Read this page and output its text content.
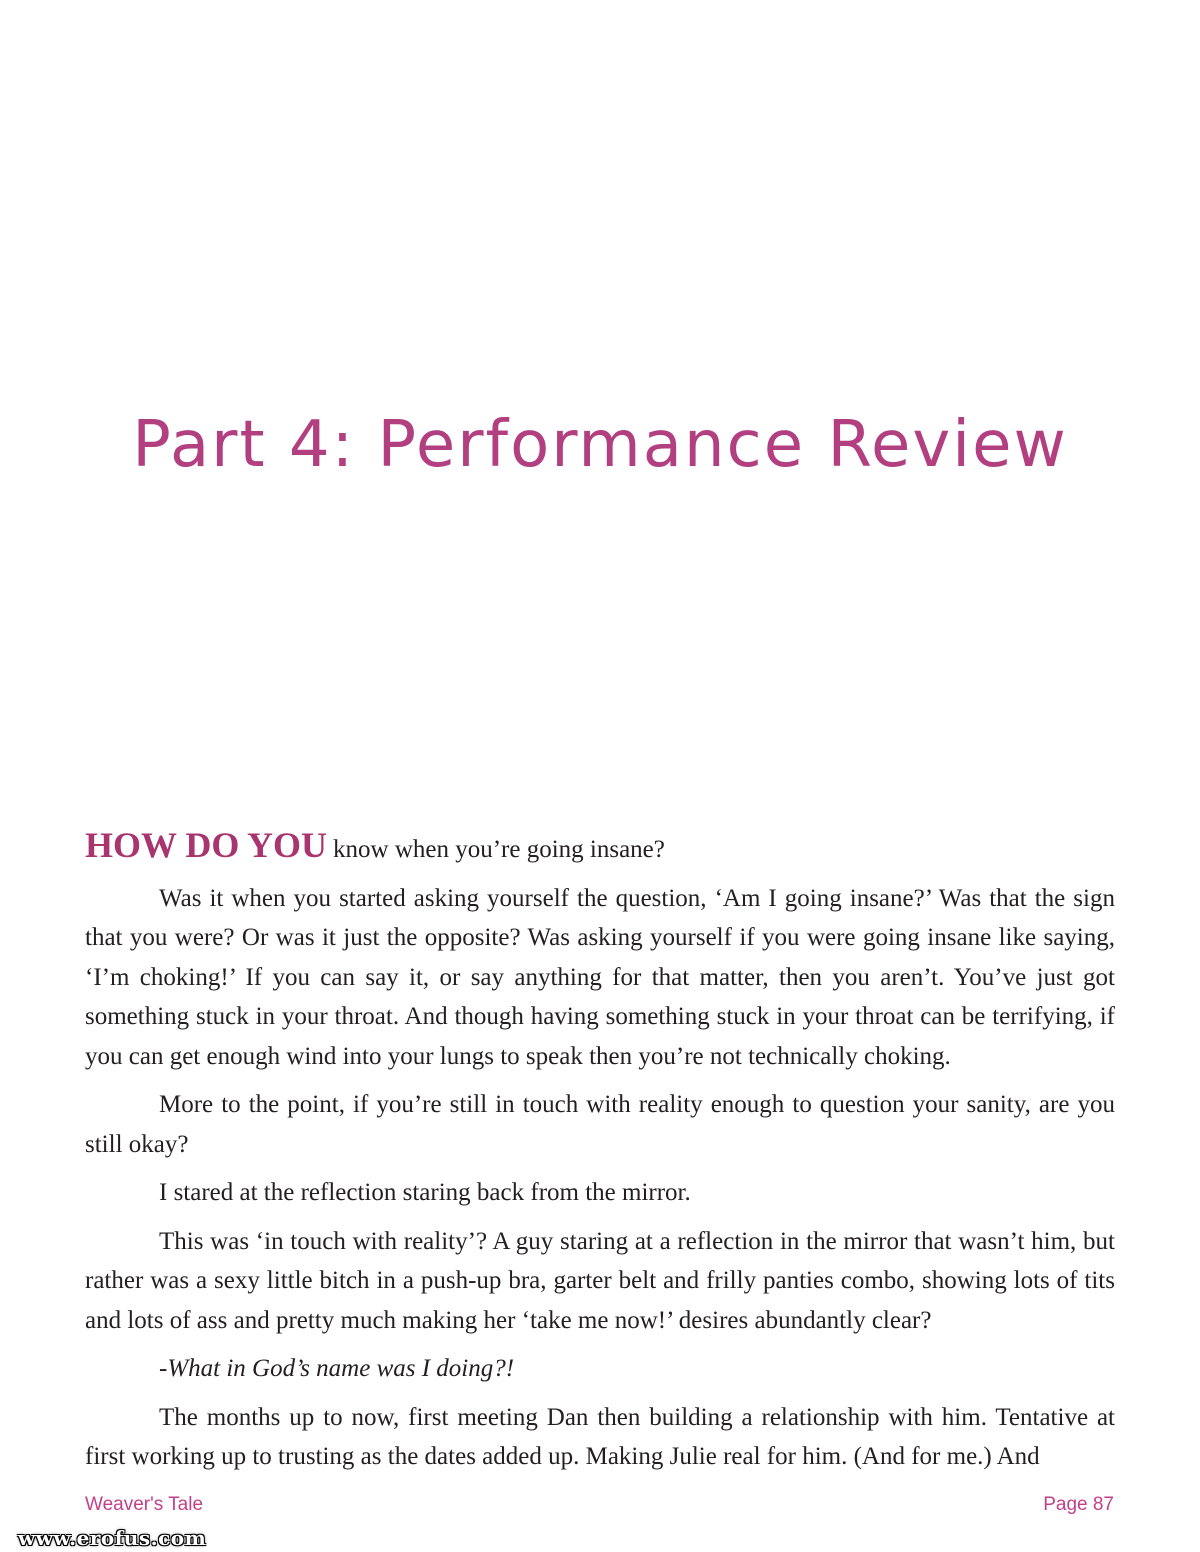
Part 4: Performance Review

HOW DO YOU know when you’re going insane?

Was it when you started asking yourself the question, ‘Am I going insane?’ Was that the sign that you were? Or was it just the opposite? Was asking yourself if you were going insane like saying, ‘I’m choking!’ If you can say it, or say anything for that matter, then you aren’t. You’ve just got something stuck in your throat. And though having something stuck in your throat can be terrifying, if you can get enough wind into your lungs to speak then you’re not technically choking.

More to the point, if you’re still in touch with reality enough to question your sanity, are you still okay?

I stared at the reflection staring back from the mirror.

This was ‘in touch with reality’? A guy staring at a reflection in the mirror that wasn’t him, but rather was a sexy little bitch in a push-up bra, garter belt and frilly panties combo, showing lots of tits and lots of ass and pretty much making her ‘take me now!’ desires abundantly clear?

-What in God’s name was I doing?!

The months up to now, first meeting Dan then building a relationship with him. Tentative at first working up to trusting as the dates added up. Making Julie real for him. (And for me.) And

Weaver's Tale	Page 87
www.erofus.com
